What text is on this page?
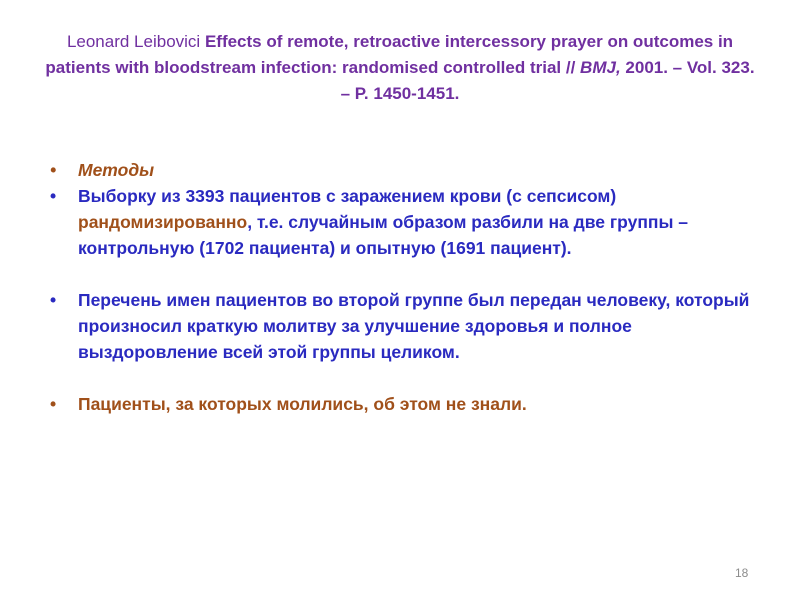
Leonard Leibovici Effects of remote, retroactive intercessory prayer on outcomes in patients with bloodstream infection: randomised controlled trial // BMJ, 2001. – Vol. 323. – P. 1450-1451.
• Методы
• Выборку из 3393 пациентов с заражением крови (с сепсисом) рандомизированно, т.е. случайным образом разбили на две группы – контрольную (1702 пациента) и опытную (1691 пациент).
• Перечень имен пациентов во второй группе был передан человеку, который произносил краткую молитву за улучшение здоровья и полное выздоровление всей этой группы целиком.
• Пациенты, за которых молились, об этом не знали.
18
